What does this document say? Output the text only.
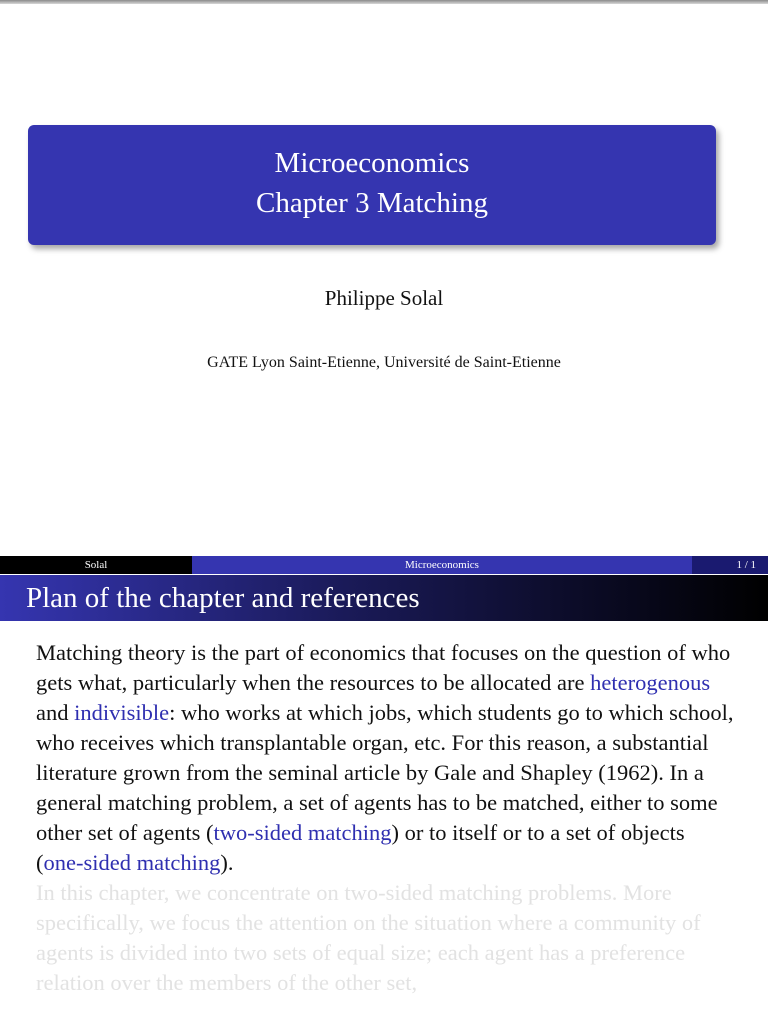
Microeconomics
Chapter 3 Matching
Philippe Solal
GATE Lyon Saint-Etienne, Université de Saint-Etienne
Solal	Microeconomics	1 / 1
Plan of the chapter and references

Matching theory is the part of economics that focuses on the question of who gets what, particularly when the resources to be allocated are heterogenous and indivisible: who works at which jobs, which students go to which school, who receives which transplantable organ, etc. For this reason, a substantial literature grown from the seminal article by Gale and Shapley (1962). In a general matching problem, a set of agents has to be matched, either to some other set of agents (two-sided matching) or to itself or to a set of objects (one-sided matching).

In this chapter, we concentrate on two-sided matching problems. More specifically, we focus the attention on the situation where a community of agents is divided into two sets of equal size; each agent has a preference relation over the members of the other set,
